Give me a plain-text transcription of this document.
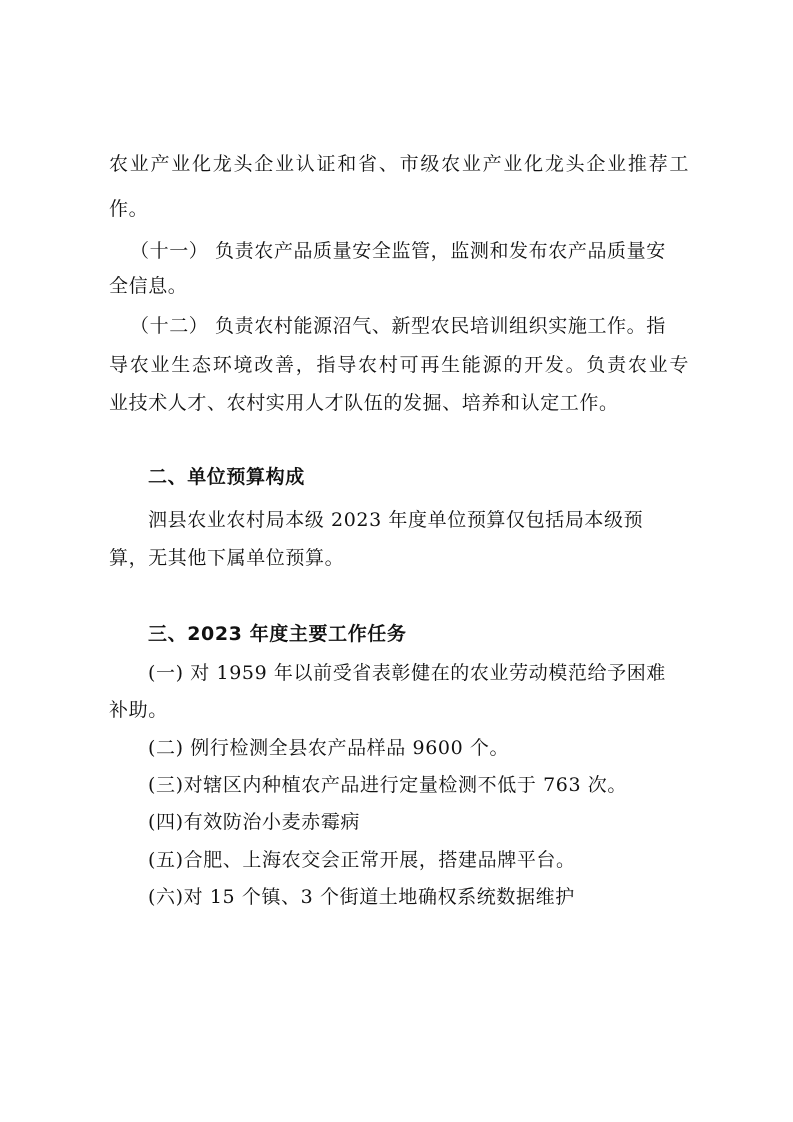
农业产业化龙头企业认证和省、市级农业产业化龙头企业推荐工
作。
（十一） 负责农产品质量安全监管，监测和发布农产品质量安
全信息。
（十二） 负责农村能源沼气、新型农民培训组织实施工作。指
导农业生态环境改善，指导农村可再生能源的开发。负责农业专
业技术人才、农村实用人才队伍的发掘、培养和认定工作。
二、单位预算构成
泗县农业农村局本级 2023 年度单位预算仅包括局本级预
算，无其他下属单位预算。
三、2023 年度主要工作任务
(一) 对 1959 年以前受省表彰健在的农业劳动模范给予困难
补助。
(二) 例行检测全县农产品样品 9600 个。
(三)对辖区内种植农产品进行定量检测不低于 763 次。
(四)有效防治小麦赤霉病
(五)合肥、上海农交会正常开展，搭建品牌平台。
(六)对 15 个镇、3 个街道土地确权系统数据维护
